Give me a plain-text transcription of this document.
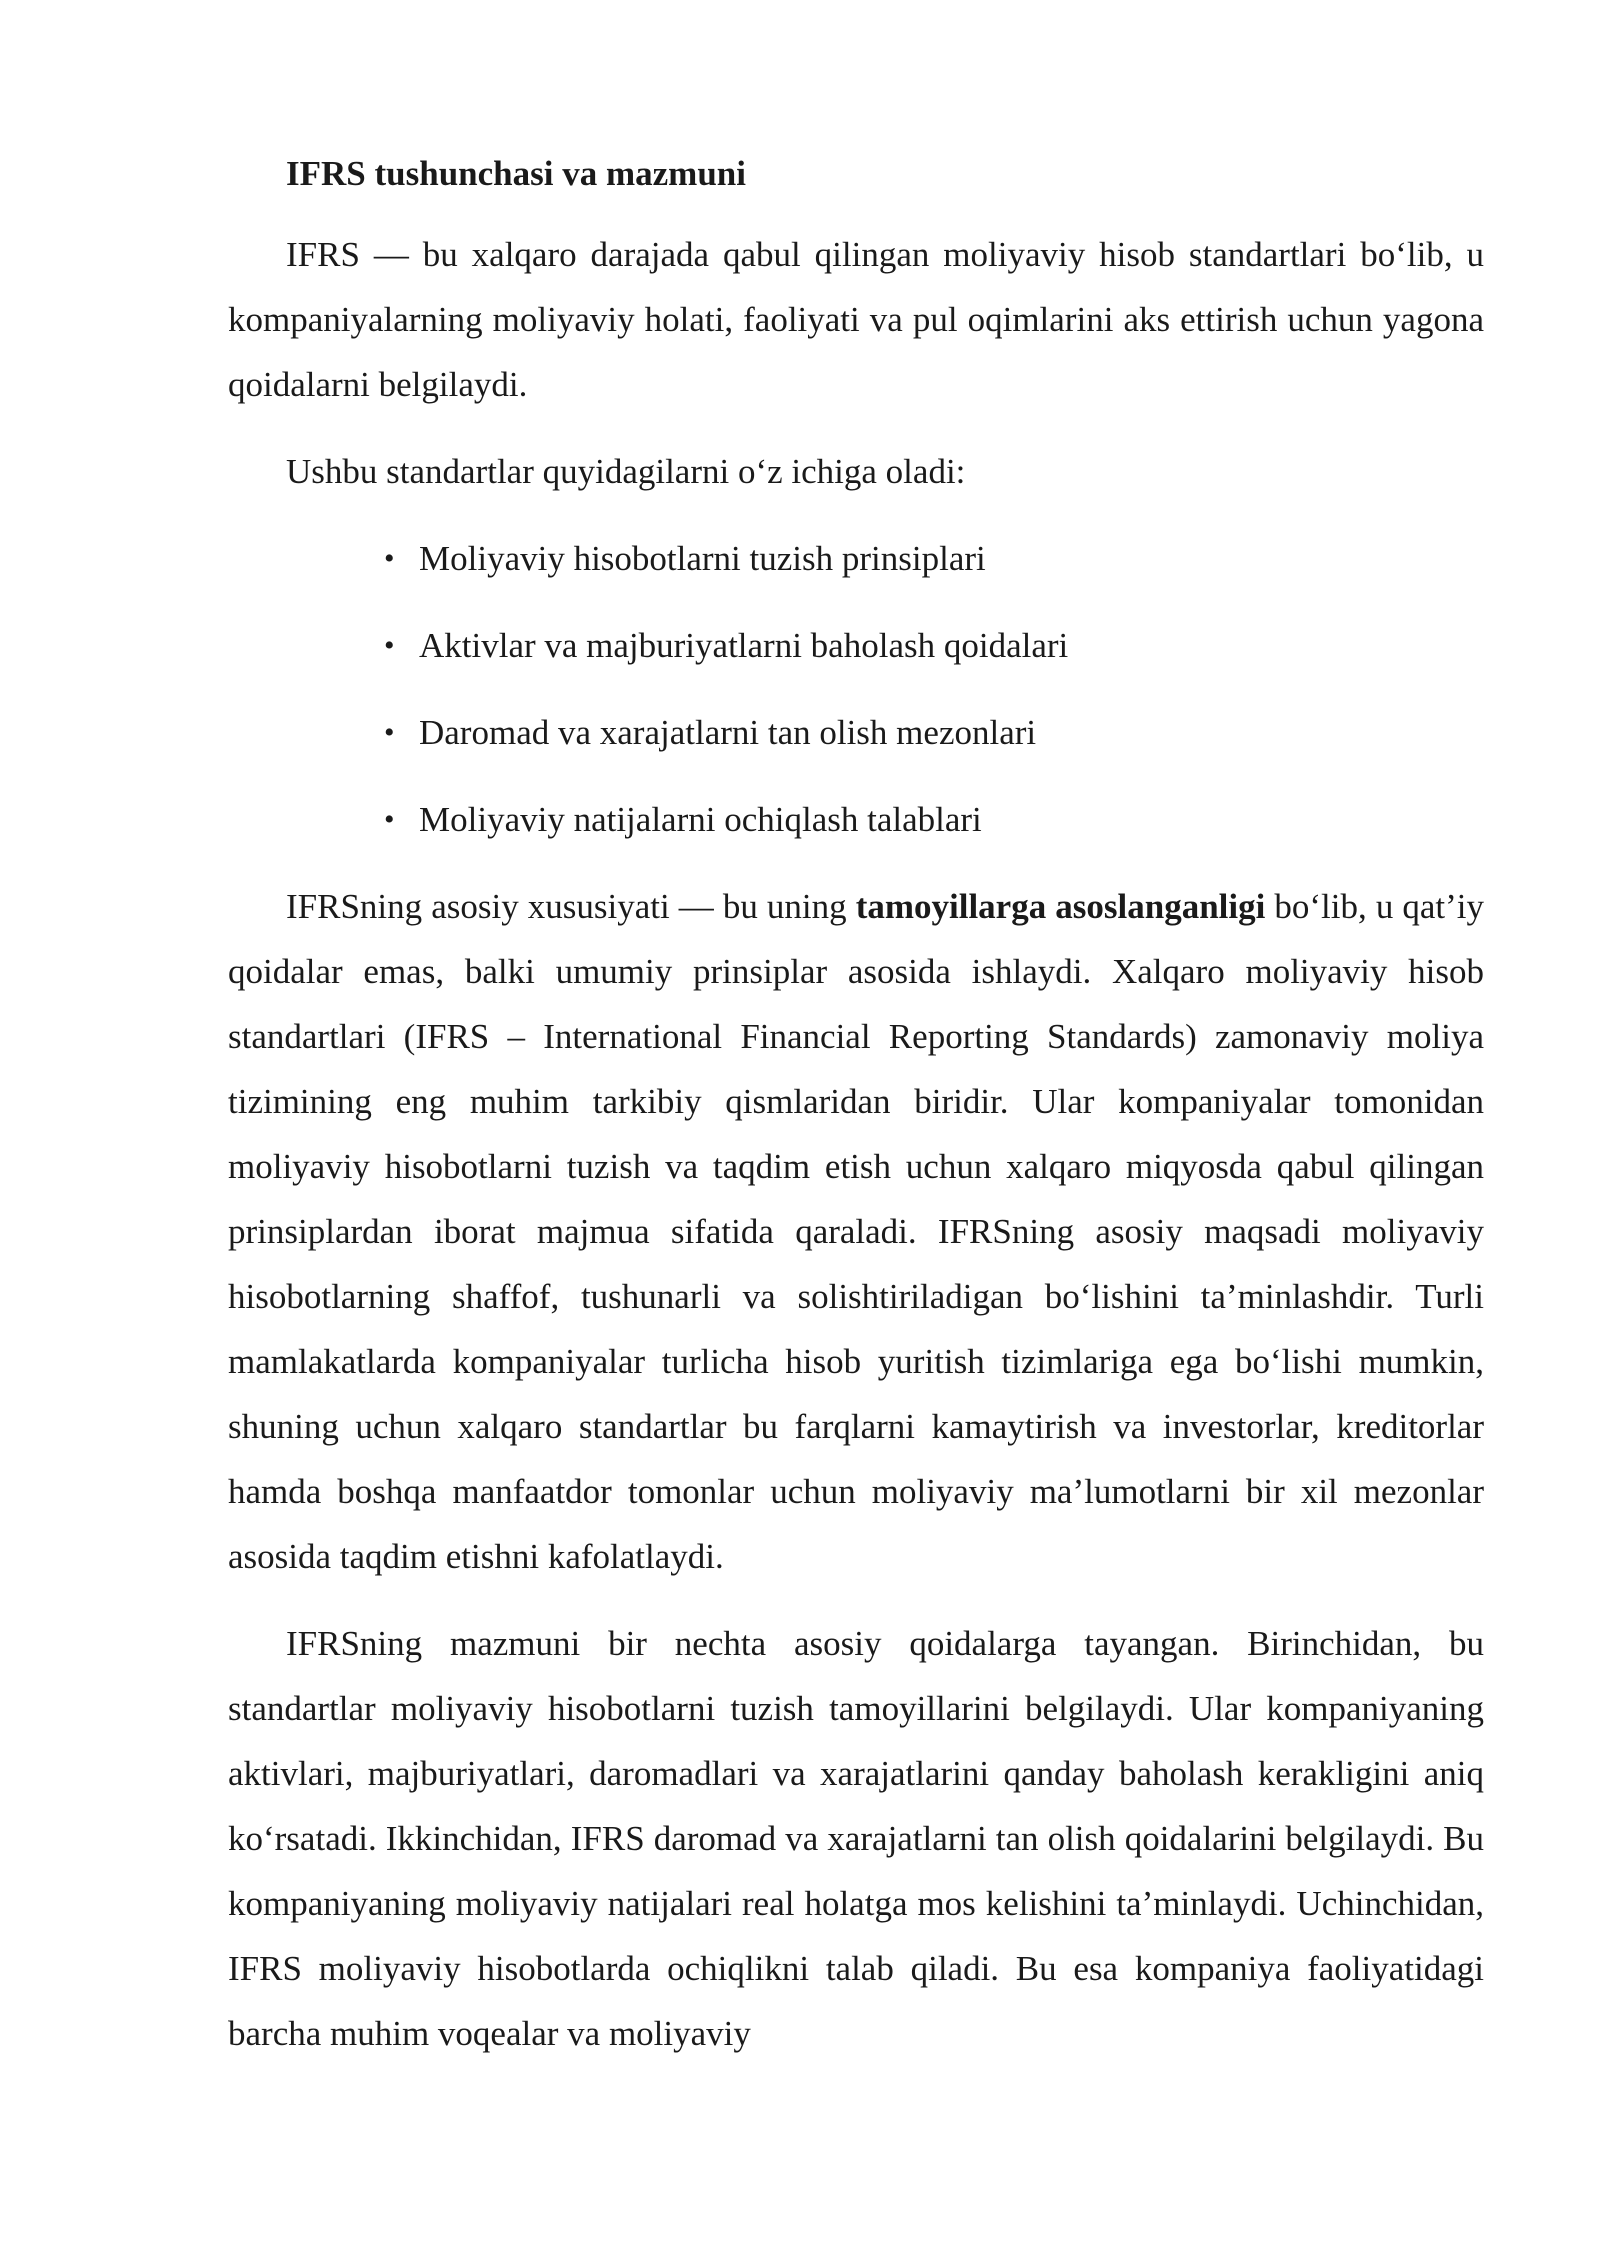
IFRS tushunchasi va mazmuni

IFRS — bu xalqaro darajada qabul qilingan moliyaviy hisob standartlari bo‘lib, u kompaniyalarning moliyaviy holati, faoliyati va pul oqimlarini aks ettirish uchun yagona qoidalarni belgilaydi.

Ushbu standartlar quyidagilarni o‘z ichiga oladi:

• Moliyaviy hisobotlarni tuzish prinsiplari
• Aktivlar va majburiyatlarni baholash qoidalari
• Daromad va xarajatlarni tan olish mezonlari
• Moliyaviy natijalarni ochiqlash talablari

IFRSning asosiy xususiyati — bu uning tamoyillarga asoslanganligi bo‘lib, u qat’iy qoidalar emas, balki umumiy prinsiplar asosida ishlaydi. Xalqaro moliyaviy hisob standartlari (IFRS – International Financial Reporting Standards) zamonaviy moliya tizimining eng muhim tarkibiy qismlaridan biridir. Ular kompaniyalar tomonidan moliyaviy hisobotlarni tuzish va taqdim etish uchun xalqaro miqyosda qabul qilingan prinsiplardan iborat majmua sifatida qaraladi. IFRSning asosiy maqsadi moliyaviy hisobotlarning shaffof, tushunarli va solishtiriladigan bo‘lishini ta’minlashdir. Turli mamlakatlarda kompaniyalar turlicha hisob yuritish tizimlariga ega bo‘lishi mumkin, shuning uchun xalqaro standartlar bu farqlarni kamaytirish va investorlar, kreditorlar hamda boshqa manfaatdor tomonlar uchun moliyaviy ma’lumotlarni bir xil mezonlar asosida taqdim etishni kafolatlaydi.

IFRSning mazmuni bir nechta asosiy qoidalarga tayangan. Birinchidan, bu standartlar moliyaviy hisobotlarni tuzish tamoyillarini belgilaydi. Ular kompaniyaning aktivlari, majburiyatlari, daromadlari va xarajatlarini qanday baholash kerakligini aniq ko‘rsatadi. Ikkinchidan, IFRS daromad va xarajatlarni tan olish qoidalarini belgilaydi. Bu kompaniyaning moliyaviy natijalari real holatga mos kelishini ta’minlaydi. Uchinchidan, IFRS moliyaviy hisobotlarda ochiqlikni talab qiladi. Bu esa kompaniya faoliyatidagi barcha muhim voqealar va moliyaviy
